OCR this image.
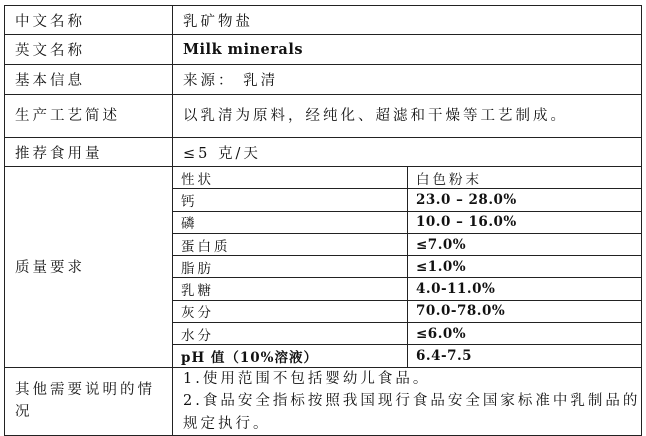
中文名称	乳矿物盐	
英文名称	Milk minerals	
基本信息	来源： 乳清	
生产工艺简述	以乳清为原料，经纯化、超滤和干燥等工艺制成。	
推荐食用量	≤5 克/天	
质量要求	性状	白色粉末
	钙	23.0 – 28.0%
	磷	10.0 – 16.0%
	蛋白质	≤7.0%
	脂肪	≤1.0%
	乳糖	4.0-11.0%
	灰分	70.0-78.0%
	水分	≤6.0%
	pH 值（10%溶液）	6.4-7.5
其他需要说明的情况	1.使用范围不包括婴幼儿食品。
2.食品安全指标按照我国现行食品安全国家标准中乳制品的规定执行。	
